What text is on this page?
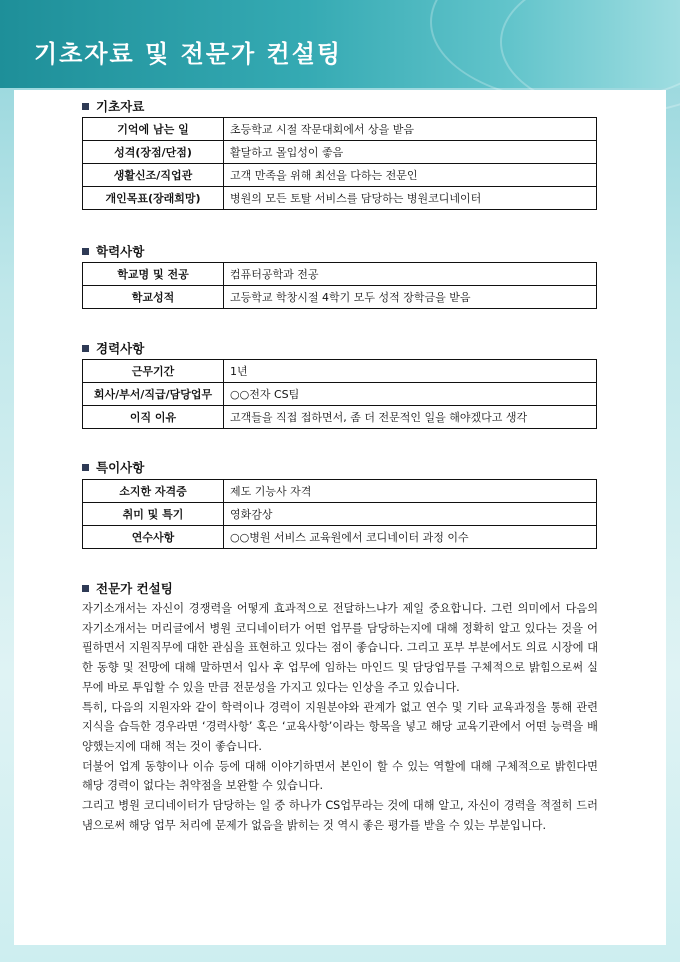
기초자료 및 전문가 컨설팅
기초자료
기억에 남는 일	초등학교 시절 작문대회에서 상을 받음
성격(장점/단점)	활달하고 몰입성이 좋음
생활신조/직업관	고객 만족을 위해 최선을 다하는 전문인
개인목표(장래희망)	병원의 모든 토탈 서비스를 담당하는 병원코디네이터
학력사항
학교명 및 전공	컴퓨터공학과 전공
학교성적	고등학교 학창시절 4학기 모두 성적 장학금을 받음
경력사항
근무기간	1년
회사/부서/직급/담당업무	○○전자 CS팀
이직 이유	고객들을 직접 접하면서, 좀 더 전문적인 일을 해야겠다고 생각
특이사항
소지한 자격증	제도 기능사 자격
취미 및 특기	영화감상
연수사항	○○병원 서비스 교육원에서 코디네이터 과정 이수
전문가 컨설팅

자기소개서는 자신이 경쟁력을 어떻게 효과적으로 전달하느냐가 제일 중요합니다. 그런 의미에서 다음의 자기소개서는 머리글에서 병원 코디네이터가 어떤 업무를 담당하는지에 대해 정확히 알고 있다는 것을 어필하면서 지원직무에 대한 관심을 표현하고 있다는 점이 좋습니다. 그리고 포부 부분에서도 의료 시장에 대한 동향 및 전망에 대해 말하면서 입사 후 업무에 임하는 마인드 및 담당업무를 구체적으로 밝힘으로써 실무에 바로 투입할 수 있을 만큼 전문성을 가지고 있다는 인상을 주고 있습니다.

특히, 다음의 지원자와 같이 학력이나 경력이 지원분야와 관계가 없고 연수 및 기타 교육과정을 통해 관련 지식을 습득한 경우라면 ‘경력사항’ 혹은 ‘교육사항’이라는 항목을 넣고 해당 교육기관에서 어떤 능력을 배양했는지에 대해 적는 것이 좋습니다.

더불어 업계 동향이나 이슈 등에 대해 이야기하면서 본인이 할 수 있는 역할에 대해 구체적으로 밝힌다면 해당 경력이 없다는 취약점을 보완할 수 있습니다.

그리고 병원 코디네이터가 담당하는 일 중 하나가 CS업무라는 것에 대해 알고, 자신이 경력을 적절히 드러냄으로써 해당 업무 처리에 문제가 없음을 밝히는 것 역시 좋은 평가를 받을 수 있는 부분입니다.
